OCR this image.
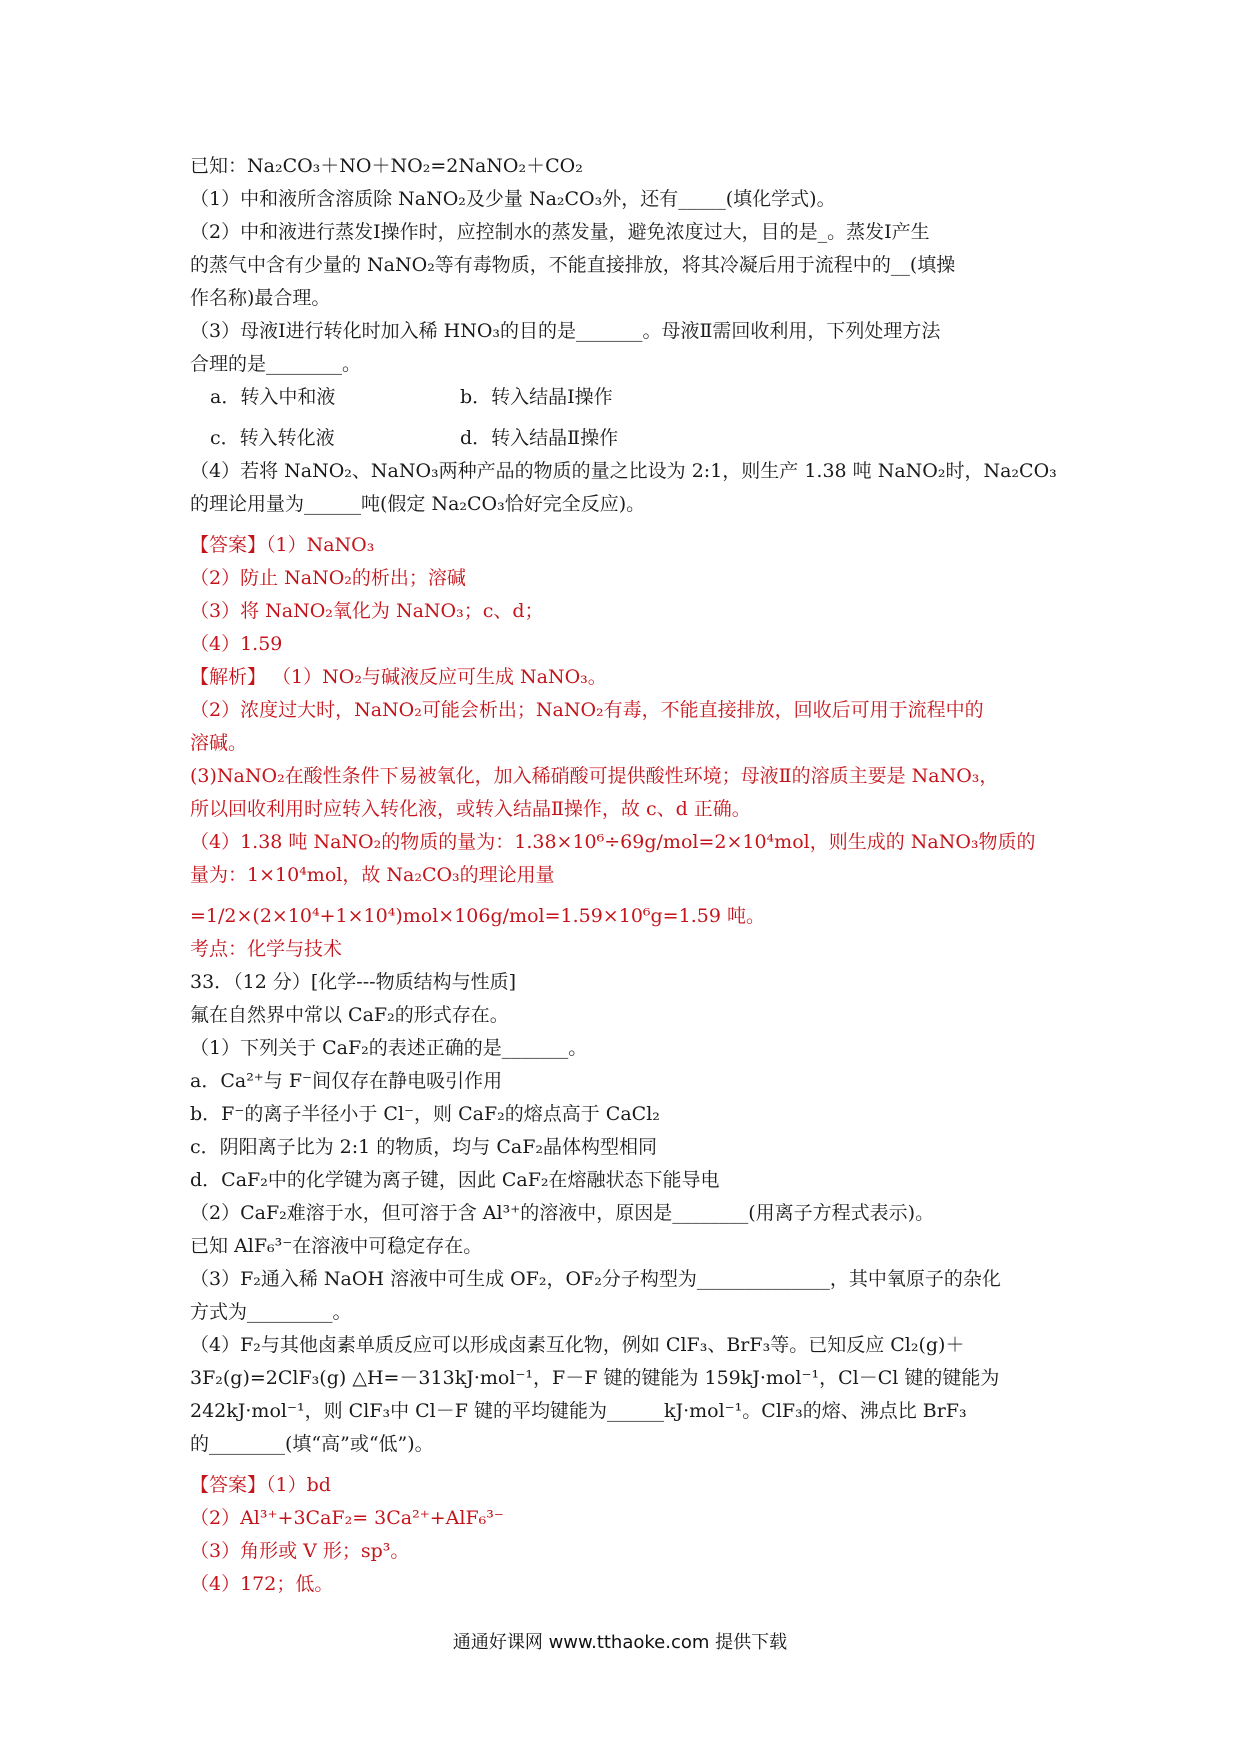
已知：Na₂CO₃＋NO＋NO₂=2NaNO₂＋CO₂
（1）中和液所含溶质除 NaNO₂及少量 Na₂CO₃外，还有_____(填化学式)。
（2）中和液进行蒸发Ⅰ操作时，应控制水的蒸发量，避免浓度过大，目的是_。蒸发Ⅰ产生
的蒸气中含有少量的 NaNO₂等有毒物质，不能直接排放，将其冷凝后用于流程中的__(填操
作名称)最合理。
（3）母液Ⅰ进行转化时加入稀 HNO₃的目的是_______。母液Ⅱ需回收利用，下列处理方法
合理的是________。
a．转入中和液	b．转入结晶Ⅰ操作
c．转入转化液	d．转入结晶Ⅱ操作
（4）若将 NaNO₂、NaNO₃两种产品的物质的量之比设为 2:1，则生产 1.38 吨 NaNO₂时，Na₂CO₃
的理论用量为______吨(假定 Na₂CO₃恰好完全反应)。
【答案】（1）NaNO₃
（2）防止 NaNO₂的析出；溶碱
（3）将 NaNO₂氧化为 NaNO₃；c、d；
（4）1.59
【解析】 （1）NO₂与碱液反应可生成 NaNO₃。
（2）浓度过大时，NaNO₂可能会析出；NaNO₂有毒，不能直接排放，回收后可用于流程中的
溶碱。
(3)NaNO₂在酸性条件下易被氧化，加入稀硝酸可提供酸性环境；母液Ⅱ的溶质主要是 NaNO₃，
所以回收利用时应转入转化液，或转入结晶Ⅱ操作，故 c、d 正确。
（4）1.38 吨 NaNO₂的物质的量为：1.38×10⁶÷69g/mol=2×10⁴mol，则生成的 NaNO₃物质的
量为：1×10⁴mol，故 Na₂CO₃的理论用量
=1/2×(2×10⁴+1×10⁴)mol×106g/mol=1.59×10⁶g=1.59 吨。
考点：化学与技术
33．（12 分）[化学---物质结构与性质]
氟在自然界中常以 CaF₂的形式存在。
（1）下列关于 CaF₂的表述正确的是_______。
a．Ca²⁺与 F⁻间仅存在静电吸引作用
b．F⁻的离子半径小于 Cl⁻，则 CaF₂的熔点高于 CaCl₂
c．阴阳离子比为 2:1 的物质，均与 CaF₂晶体构型相同
d．CaF₂中的化学键为离子键，因此 CaF₂在熔融状态下能导电
（2）CaF₂难溶于水，但可溶于含 Al³⁺的溶液中，原因是________(用离子方程式表示)。
已知 AlF₆³⁻在溶液中可稳定存在。
（3）F₂通入稀 NaOH 溶液中可生成 OF₂，OF₂分子构型为______________，其中氧原子的杂化
方式为_________。
（4）F₂与其他卤素单质反应可以形成卤素互化物，例如 ClF₃、BrF₃等。已知反应 Cl₂(g)＋
3F₂(g)=2ClF₃(g) △H=－313kJ·mol⁻¹，F－F 键的键能为 159kJ·mol⁻¹，Cl－Cl 键的键能为
242kJ·mol⁻¹，则 ClF₃中 Cl－F 键的平均键能为______kJ·mol⁻¹。ClF₃的熔、沸点比 BrF₃
的________(填“高”或“低”)。
【答案】（1）bd
（2）Al³⁺+3CaF₂= 3Ca²⁺+AlF₆³⁻
（3）角形或 V 形；sp³。
（4）172；低。
通通好课网 www.tthaoke.com 提供下载
